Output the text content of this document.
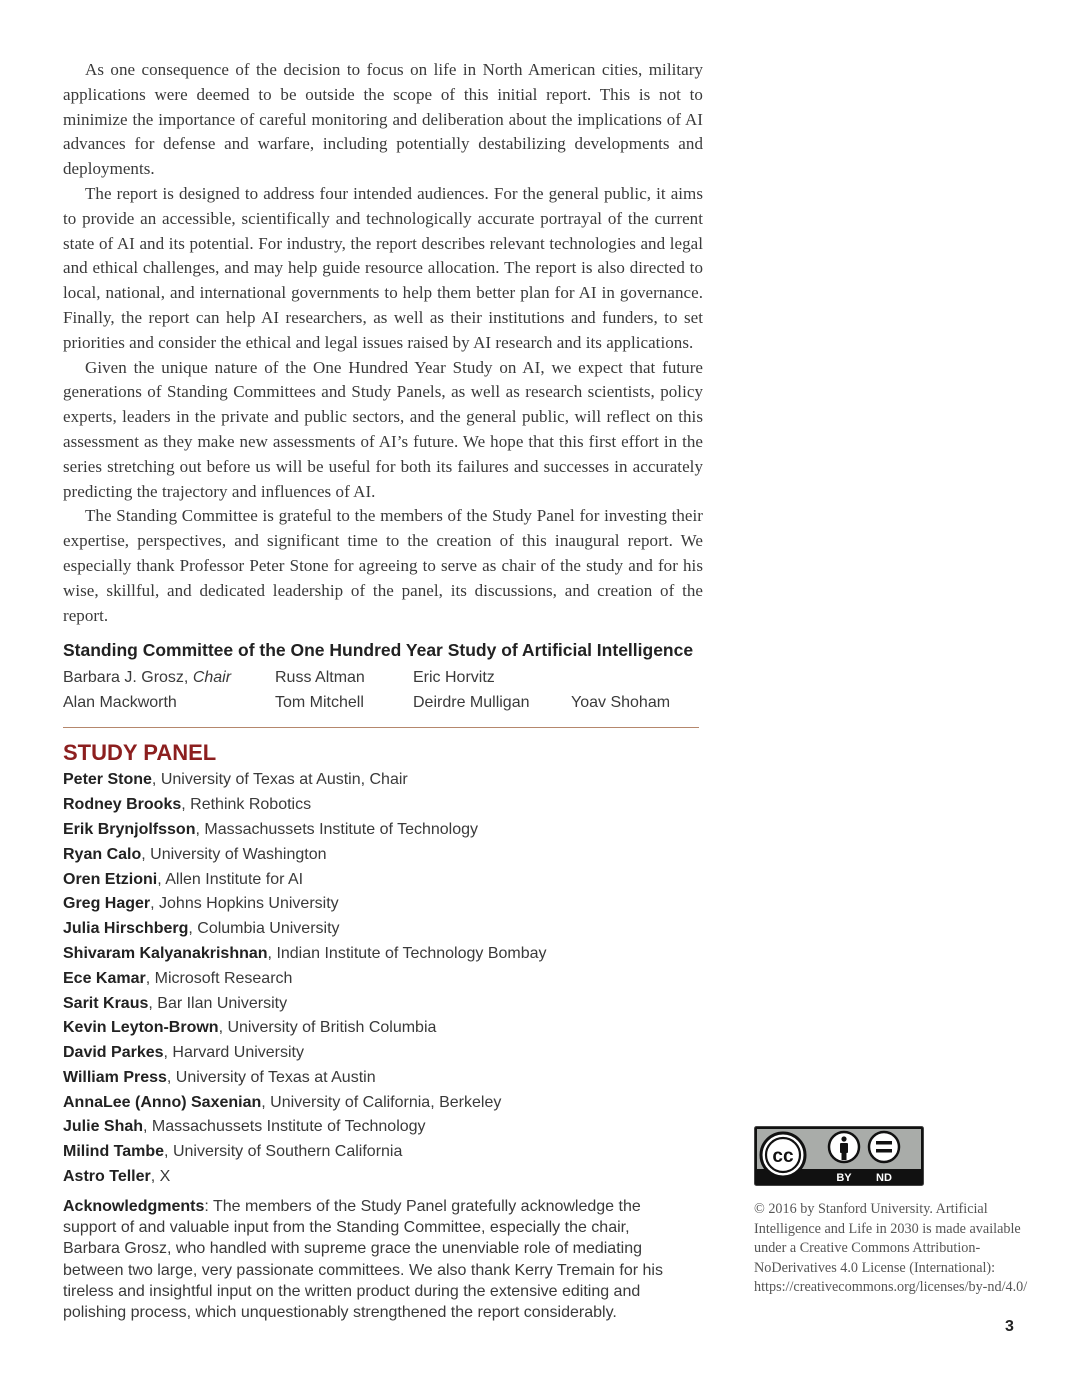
As one consequence of the decision to focus on life in North American cities, military applications were deemed to be outside the scope of this initial report. This is not to minimize the importance of careful monitoring and deliberation about the implications of AI advances for defense and warfare, including potentially destabilizing developments and deployments.

The report is designed to address four intended audiences. For the general public, it aims to provide an accessible, scientifically and technologically accurate portrayal of the current state of AI and its potential. For industry, the report describes relevant technologies and legal and ethical challenges, and may help guide resource allocation. The report is also directed to local, national, and international governments to help them better plan for AI in governance. Finally, the report can help AI researchers, as well as their institutions and funders, to set priorities and consider the ethical and legal issues raised by AI research and its applications.

Given the unique nature of the One Hundred Year Study on AI, we expect that future generations of Standing Committees and Study Panels, as well as research scientists, policy experts, leaders in the private and public sectors, and the general public, will reflect on this assessment as they make new assessments of AI’s future. We hope that this first effort in the series stretching out before us will be useful for both its failures and successes in accurately predicting the trajectory and influences of AI.

The Standing Committee is grateful to the members of the Study Panel for investing their expertise, perspectives, and significant time to the creation of this inaugural report. We especially thank Professor Peter Stone for agreeing to serve as chair of the study and for his wise, skillful, and dedicated leadership of the panel, its discussions, and creation of the report.

Standing Committee of the One Hundred Year Study of Artificial Intelligence
Barbara J. Grosz, Chair	Russ Altman	Eric Horvitz
Alan Mackworth	Tom Mitchell	Deirdre Mulligan	Yoav Shoham
STUDY PANEL
Peter Stone, University of Texas at Austin, Chair
Rodney Brooks, Rethink Robotics
Erik Brynjolfsson, Massachussets Institute of Technology
Ryan Calo, University of Washington
Oren Etzioni, Allen Institute for AI
Greg Hager, Johns Hopkins University
Julia Hirschberg, Columbia University
Shivaram Kalyanakrishnan, Indian Institute of Technology Bombay
Ece Kamar, Microsoft Research
Sarit Kraus, Bar Ilan University
Kevin Leyton-Brown, University of British Columbia
David Parkes, Harvard University
William Press, University of Texas at Austin
AnnaLee (Anno) Saxenian, University of California, Berkeley
Julie Shah, Massachussets Institute of Technology
Milind Tambe, University of Southern California
Astro Teller, X
Acknowledgments: The members of the Study Panel gratefully acknowledge the support of and valuable input from the Standing Committee, especially the chair, Barbara Grosz, who handled with supreme grace the unenviable role of mediating between two large, very passionate committees. We also thank Kerry Tremain for his tireless and insightful input on the written product during the extensive editing and polishing process, which unquestionably strengthened the report considerably.
cc
BY ND
© 2016 by Stanford University. Artificial Intelligence and Life in 2030 is made available under a Creative Commons Attribution-NoDerivatives 4.0 License (International): https://creativecommons.org/licenses/by-nd/4.0/
3
